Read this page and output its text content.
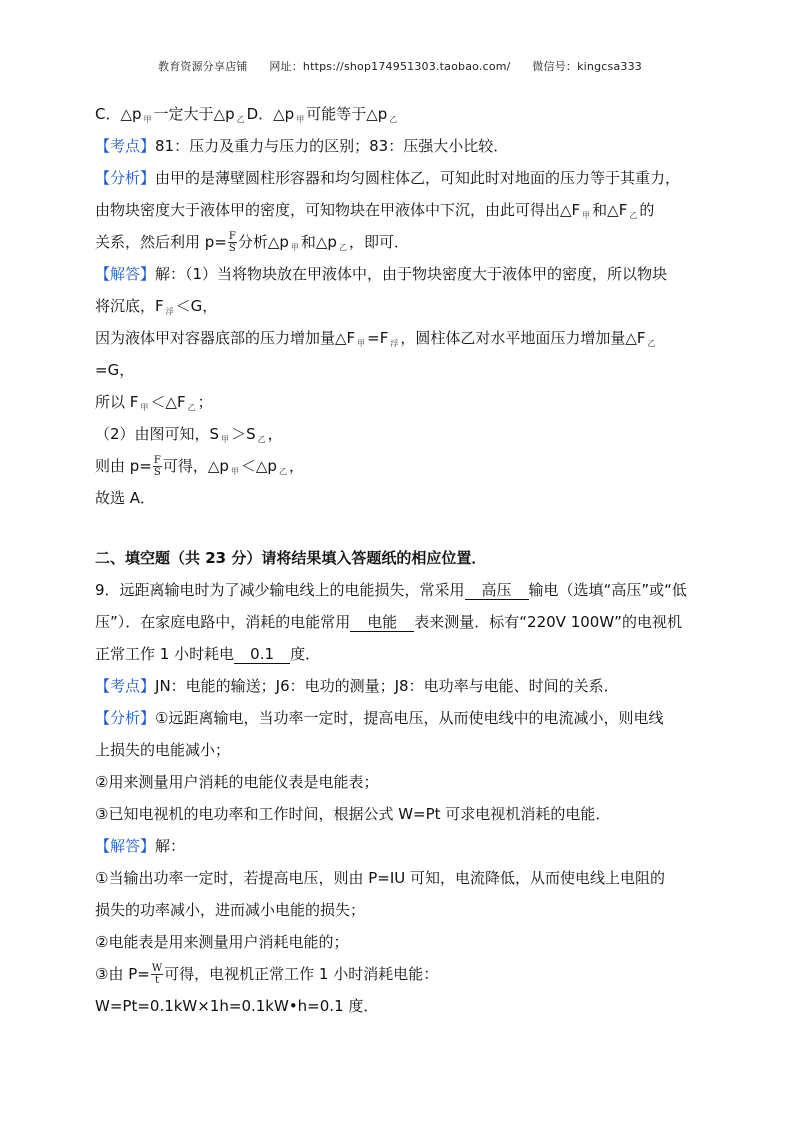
教育资源分享店铺 网址：https://shop174951303.taobao.com/ 微信号：kingcsa333
C．△p $_甲$ 一定大于△p $_乙$ D．△p $_甲$ 可能等于△p $_乙$
【考点】81：压力及重力与压力的区别；83：压强大小比较．
【分析】由甲的是薄壁圆柱形容器和均匀圆柱体乙，可知此时对地面的压力等于其重力，
由物块密度大于液体甲的密度，可知物块在甲液体中下沉，由此可得出△F $_甲$ 和△F $_乙$ 的
关系，然后利用 $p= \frac{F}{S}$ 分析△p $_甲$ 和△p $_乙$ ，即可．
【解答】解：（1）当将物块放在甲液体中，由于物块密度大于液体甲的密度，所以物块
将沉底，F $_浮$ ＜G，
因为液体甲对容器底部的压力增加量△F $_甲$ =F $_浮$ ，圆柱体乙对水平地面压力增加量△F $_乙$
=G，
所以 F $_甲$ ＜△F $_乙$ ；
（2）由图可知，S $_甲$ ＞S $_乙$ ，
则由 $p= \frac{F}{S}$ 可得，△p $_甲$ ＜△p $_乙$ ，
故选 A．
二、填空题（共 23 分）请将结果填入答题纸的相应位置．
9．远距离输电时为了减少输电线上的电能损失，常采用 高压 输电（选填“高压”或“低
压”）．在家庭电路中，消耗的电能常用 电能 表来测量．标有“220V 100W”的电视机
正常工作 1 小时耗电 0.1 度．
【考点】JN：电能的输送；J6：电功的测量；J8：电功率与电能、时间的关系．
【分析】①远距离输电，当功率一定时，提高电压，从而使电线中的电流减小，则电线
上损失的电能减小；
②用来测量用户消耗的电能仪表是电能表；
③已知电视机的电功率和工作时间，根据公式 W=Pt 可求电视机消耗的电能．
【解答】解：
①当输出功率一定时，若提高电压，则由 P=IU 可知，电流降低，从而使电线上电阻的
损失的功率减小，进而减小电能的损失；
②电能表是用来测量用户消耗电能的；
③由 $P= \frac{W}{t}$ 可得，电视机正常工作 1 小时消耗电能：
W=Pt=0.1kW×1h=0.1kW•h=0.1 度．
